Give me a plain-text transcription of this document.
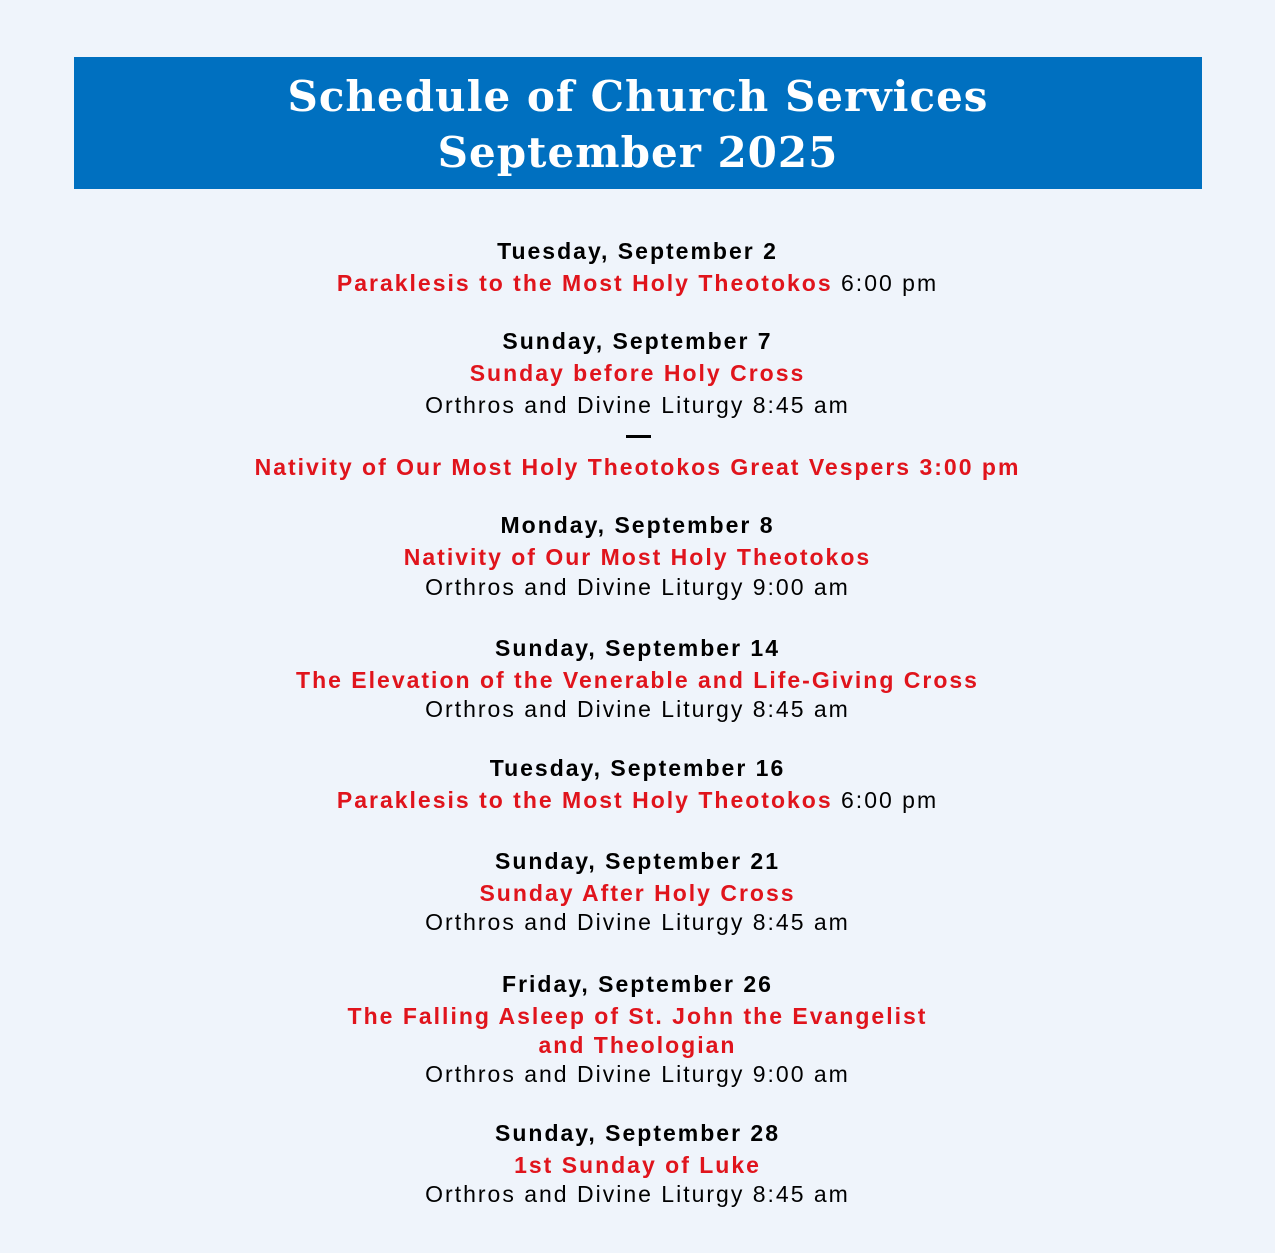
Schedule of Church Services
September 2025
Tuesday, September 2
Paraklesis to the Most Holy Theotokos 6:00 pm
Sunday, September 7
Sunday before Holy Cross
Orthros and Divine Liturgy 8:45 am
Nativity of Our Most Holy Theotokos Great Vespers 3:00 pm
Monday, September 8
Nativity of Our Most Holy Theotokos
Orthros and Divine Liturgy 9:00 am
Sunday, September 14
The Elevation of the Venerable and Life-Giving Cross
Orthros and Divine Liturgy 8:45 am
Tuesday, September 16
Paraklesis to the Most Holy Theotokos 6:00 pm
Sunday, September 21
Sunday After Holy Cross
Orthros and Divine Liturgy 8:45 am
Friday, September 26
The Falling Asleep of St. John the Evangelist
and Theologian
Orthros and Divine Liturgy 9:00 am
Sunday, September 28
1st Sunday of Luke
Orthros and Divine Liturgy 8:45 am
